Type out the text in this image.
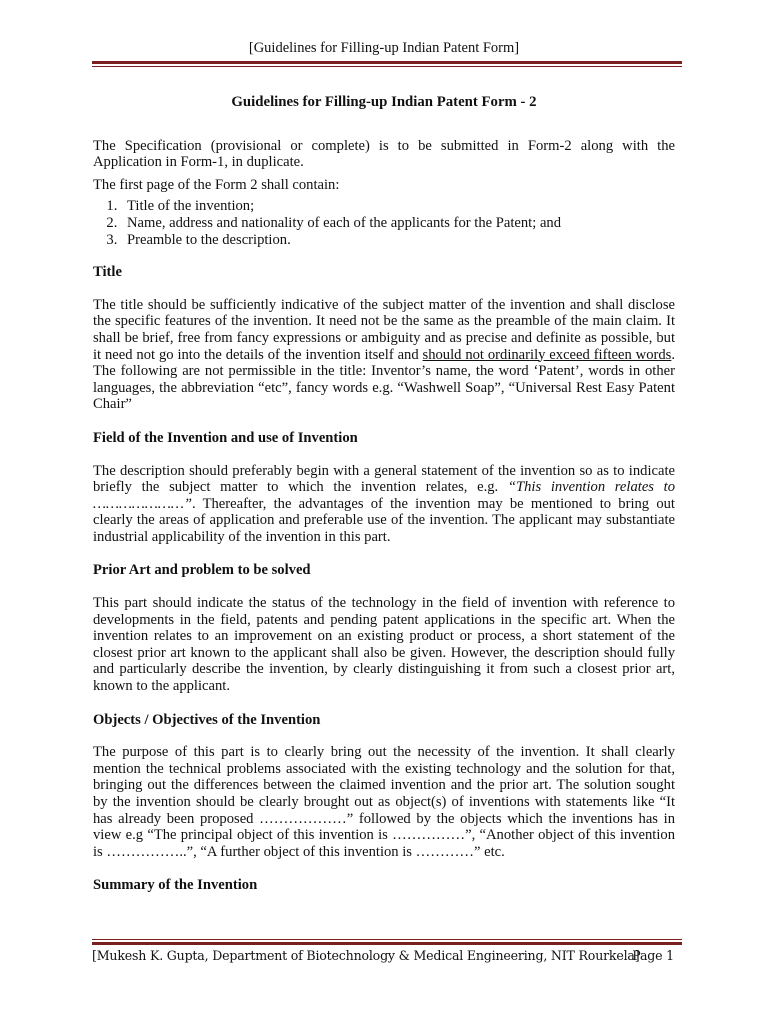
[Guidelines for Filling-up Indian Patent Form]
Guidelines for Filling-up Indian Patent Form - 2

The Specification (provisional or complete) is to be submitted in Form-2 along with the Application in Form-1, in duplicate.

The first page of the Form 2 shall contain:

1. Title of the invention;
2. Name, address and nationality of each of the applicants for the Patent; and
3. Preamble to the description.
Title

The title should be sufficiently indicative of the subject matter of the invention and shall disclose the specific features of the invention. It need not be the same as the preamble of the main claim. It shall be brief, free from fancy expressions or ambiguity and as precise and definite as possible, but it need not go into the details of the invention itself and should not ordinarily exceed fifteen words. The following are not permissible in the title: Inventor’s name, the word ‘Patent’, words in other languages, the abbreviation “etc”, fancy words e.g. “Washwell Soap”, “Universal Rest Easy Patent Chair”

Field of the Invention and use of Invention

The description should preferably begin with a general statement of the invention so as to indicate briefly the subject matter to which the invention relates, e.g. “This invention relates to …………………”. Thereafter, the advantages of the invention may be mentioned to bring out clearly the areas of application and preferable use of the invention. The applicant may substantiate industrial applicability of the invention in this part.

Prior Art and problem to be solved

This part should indicate the status of the technology in the field of invention with reference to developments in the field, patents and pending patent applications in the specific art. When the invention relates to an improvement on an existing product or process, a short statement of the closest prior art known to the applicant shall also be given. However, the description should fully and particularly describe the invention, by clearly distinguishing it from such a closest prior art, known to the applicant.

Objects / Objectives of the Invention

The purpose of this part is to clearly bring out the necessity of the invention. It shall clearly mention the technical problems associated with the existing technology and the solution for that, bringing out the differences between the claimed invention and the prior art. The solution sought by the invention should be clearly brought out as object(s) of inventions with statements like “It has already been proposed ………………” followed by the objects which the inventions has in view e.g “The principal object of this invention is ……………”, “Another object of this invention is ……………..”, “A further object of this invention is …………” etc.

Summary of the Invention
[Mukesh K. Gupta, Department of Biotechnology & Medical Engineering, NIT Rourkela]
Page 1
